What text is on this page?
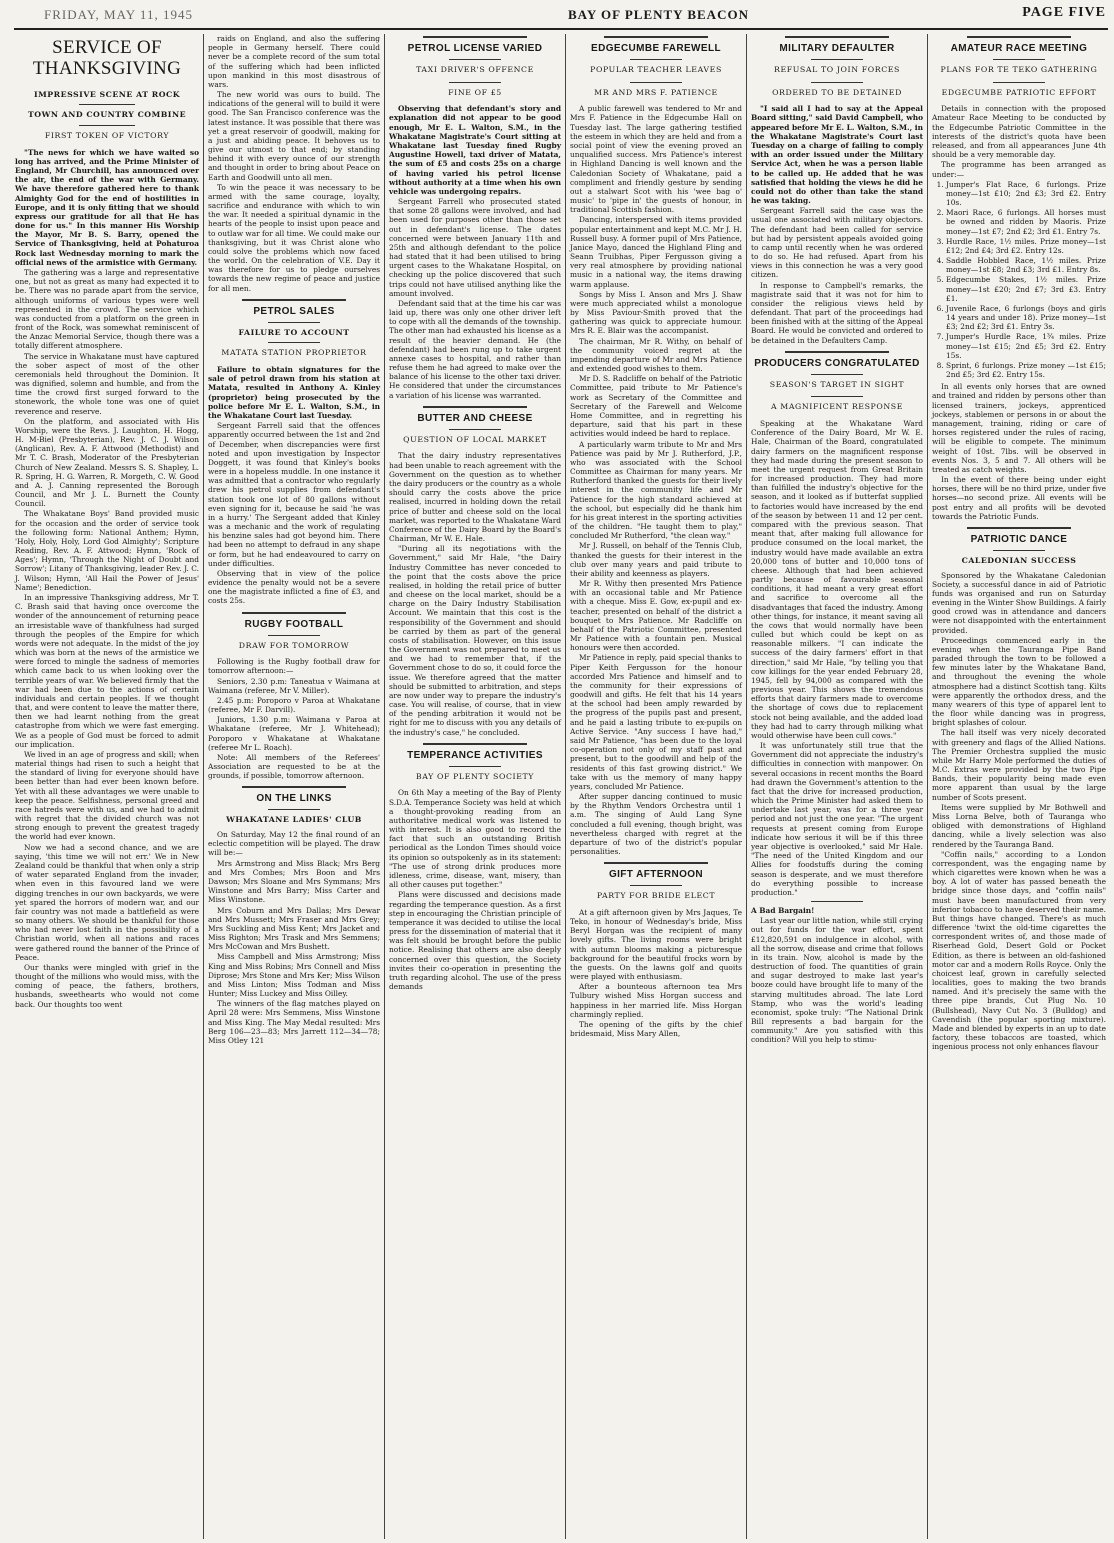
FRIDAY, MAY 11, 1945	BAY OF PLENTY BEACON	PAGE FIVE
SERVICE OF THANKSGIVING
IMPRESSIVE SCENE AT ROCK
TOWN AND COUNTRY COMBINE
FIRST TOKEN OF VICTORY

"The news for which we have waited so long has arrived, and the Prime Minister of England, Mr Churchill, has announced over the air, the end of the war with Germany. We have therefore gathered here to thank Almighty God for the end of hostilities in Europe, and it is only fitting that we should express our gratitude for all that He has done for us." In this manner His Worship the Mayor, Mr B. S. Barry, opened the Service of Thanksgiving, held at Pohaturoa Rock last Wednesday morning to mark the official news of the armistice with Germany.

The gathering was a large and representative one, but not as great as many had expected it to be. There was no parade apart from the service, although uniforms of various types were well represented in the crowd. The service which was conducted from a platform on the green in front of the Rock, was somewhat reminiscent of the Anzac Memorial Service, though there was a totally different atmosphere.

The service in Whakatane must have captured the sober aspect of most of the other ceremonials held throughout the Dominion. It was dignified, solemn and humble, and from the time the crowd first surged forward to the stonework, the whole tone was one of quiet reverence and reserve.

On the platform, and associated with His Worship, were the Revs. J. Laughton, H. Hogg, H. M-Biel (Presbyterian), Rev. J. C. J. Wilson (Anglican), Rev. A. F. Attwood (Methodist) and Mr T. C. Brash, Moderator of the Presbyterian Church of New Zealand. Messrs S. S. Shapley, L. R. Spring, H. G. Warren, R. Morgeth, C. W. Good and A. J. Canning represented the Borough Council, and Mr J. L. Burnett the County Council.

The Whakatane Boys' Band provided music for the occasion and the order of service took the following form: National Anthem; Hymn, 'Holy, Holy, Holy, Lord God Almighty'; Scripture Reading, Rev. A. F. Attwood; Hymn, 'Rock of Ages'; Hymn, 'Through the Night of Doubt and Sorrow'; Litany of Thanksgiving, leader Rev. J. C. J. Wilson; Hymn, 'All Hail the Power of Jesus' Name'; Benediction.

In an impressive Thanksgiving address, Mr T. C. Brash said that having once overcome the wonder of the announcement of returning peace an irresistable wave of thankfulness had surged through the peoples of the Empire for which words were not adequate. In the midst of the joy which was born at the news of the armistice we were forced to mingle the sadness of memories which came back to us when looking over the terrible years of war. We believed firmly that the war had been due to the actions of certain individuals and certain peoples. If we thought that, and were content to leave the matter there, then we had learnt nothing from the great catastrophe from which we were fast emerging. We as a people of God must be forced to admit our implication.

We lived in an age of progress and skill; when material things had risen to such a height that the standard of living for everyone should have been better than had ever been known before. Yet with all these advantages we were unable to keep the peace. Selfishness, personal greed and race hatreds were with us, and we had to admit with regret that the divided church was not strong enough to prevent the greatest tragedy the world had ever known.

Now we had a second chance, and we are saying, 'this time we will not err.' We in New Zealand could be thankful that when only a strip of water separated England from the invader, when even in this favoured land we were digging trenches in our own backyards, we were yet spared the horrors of modern war, and our fair country was not made a battlefield as were so many others. We should be thankful for those who had never lost faith in the possibility of a Christian world, when all nations and races were gathered round the banner of the Prince of Peace.

Our thanks were mingled with grief in the thought of the millions who would miss, with the coming of peace, the fathers, brothers, husbands, sweethearts who would not come back. Our thoughts too went

raids on England, and also the suffering people in Germany herself. There could never be a complete record of the sum total of the suffering which had been inflicted upon mankind in this most disastrous of wars.

The new world was ours to build. The indications of the general will to build it were good. The San Francisco conference was the latest instance. It was possible that there was yet a great reservoir of goodwill, making for a just and abiding peace. It behoves us to give our utmost to that end; by standing behind it with every ounce of our strength and thought in order to bring about Peace on Earth and Goodwill unto all men.

To win the peace it was necessary to be armed with the same courage, loyalty, sacrifice and endurance with which to win the war. It needed a spiritual dynamic in the hearts of the people to insist upon peace and to outlaw war for all time. We could make our thanksgiving, but it was Christ alone who could solve the problems which now faced the world. On the celebration of V.E. Day it was therefore for us to pledge ourselves towards the new regime of peace and justice for all men.

PETROL SALES
FAILURE TO ACCOUNT
MATATA STATION PROPRIETOR

Failure to obtain signatures for the sale of petrol drawn from his station at Matata, resulted in Anthony A. Kinley (proprietor) being prosecuted by the police before Mr E. L. Walton, S.M., in the Whakatane Court last Tuesday.

Sergeant Farrell said that the offences apparently occurred between the 1st and 2nd of December, when discrepancies were first noted and upon investigation by Inspector Doggett, it was found that Kinley's books were in a hopeless muddle. In one instance it was admitted that a contractor who regularly drew his petrol supplies from defendant's station took one lot of 80 gallons without even signing for it, because he said 'he was in a hurry.' The Sergeant added that Kinley was a mechanic and the work of regulating his benzine sales had got beyond him. There had been no attempt to defraud in any shape or form, but he had endeavoured to carry on under difficulties.

Observing that in view of the police evidence the penalty would not be a severe one the magistrate inflicted a fine of £3, and costs 25s.

RUGBY FOOTBALL
DRAW FOR TOMORROW

Following is the Rugby football draw for tomorrow afternoon:—

Seniors, 2.30 p.m: Taneatua v Waimana at Waimana (referee, Mr V. Miller).

2.45 p.m: Poroporo v Paroa at Whakatane (referee, Mr F. Darvill).

Juniors, 1.30 p.m: Waimana v Paroa at Whakatane (referee, Mr J. Whitehead); Poroporo v Whakatane at Whakatane (referee Mr L. Roach).

Note: All members of the Referees' Association are requested to be at the grounds, if possible, tomorrow afternoon.

ON THE LINKS
WHAKATANE LADIES' CLUB

On Saturday, May 12 the final round of an eclectic competition will be played. The draw will be:—

Mrs Armstrong and Miss Black; Mrs Berg and Mrs Combes; Mrs Boon and Mrs Dawson; Mrs Sloane and Mrs Symmans; Mrs Winstone and Mrs Barry; Miss Carter and Miss Winstone.

Mrs Coburn and Mrs Dallas; Mrs Dewar and Mrs Mussett; Mrs Fraser and Mrs Grey; Mrs Suckling and Miss Kent; Mrs Jacket and Miss Righton; Mrs Trask and Mrs Semmens; Mrs McCowan and Mrs Bushett.

Miss Campbell and Miss Armstrong; Miss King and Miss Robins; Mrs Connell and Miss Diprose; Mrs Stone and Mrs Ker; Miss Wilson and Miss Linton; Miss Todman and Miss Hunter; Miss Luckey and Miss Oilley.

The winners of the flag matches played on April 28 were: Mrs Semmens, Miss Winstone and Miss King. The May Medal resulted: Mrs Berg 106—23—83; Mrs Jarrett 112—34—78; Miss Otley 121

PETROL LICENSE VARIED
TAXI DRIVER'S OFFENCE
FINE OF £5

Observing that defendant's story and explanation did not appear to be good enough, Mr E. L. Walton, S.M., in the Whakatane Magistrate's Court sitting at Whakatane last Tuesday fined Rugby Augustine Howell, taxi driver of Matata, the sum of £5 and costs 25s on a charge of having varied his petrol license without authority at a time when his own vehicle was undergoing repairs.

Sergeant Farrell who prosecuted stated that some 28 gallons were involved, and had been used for purposes other than those set out in defendant's license. The dates concerned were between January 11th and 25th and although defendant to the police had stated that it had been utilised to bring urgent cases to the Whakatane Hospital, on checking up the police discovered that such trips could not have utilised anything like the amount involved.

Defendant said that at the time his car was laid up, there was only one other driver left to cope with all the demands of the township. The other man had exhausted his license as a result of the heavier demand. He (the defendant) had been rung up to take urgent annexe cases to hospital, and rather than refuse them he had agreed to make over the balance of his license to the other taxi driver. He considered that under the circumstances a variation of his license was warranted.

BUTTER AND CHEESE
QUESTION OF LOCAL MARKET

That the dairy industry representatives had been unable to reach agreement with the Government on the question as to whether the dairy producers or the country as a whole should carry the costs above the price realised, incurred in holding down the retail price of butter and cheese sold on the local market, was reported to the Whakatane Ward Conference of the Dairy Board by the Board's Chairman, Mr W. E. Hale.

"During all its negotiations with the Government," said Mr Hale, "the Dairy Industry Committee has never conceded to the point that the costs above the price realised, in holding the retail price of butter and cheese on the local market, should be a charge on the Dairy Industry Stabilisation Account. We maintain that this cost is the responsibility of the Government and should be carried by them as part of the general costs of stabilisation. However, on this issue the Government was not prepared to meet us and we had to remember that, if the Government chose to do so, it could force the issue. We therefore agreed that the matter should be submitted to arbitration, and steps are now under way to prepare the industry's case. You will realise, of course, that in view of the pending arbitration it would not be right for me to discuss with you any details of the industry's case," he concluded.

TEMPERANCE ACTIVITIES
BAY OF PLENTY SOCIETY

On 6th May a meeting of the Bay of Plenty S.D.A. Temperance Society was held at which a thought-provoking reading from an authoritative medical work was listened to with interest. It is also good to record the fact that such an outstanding British periodical as the London Times should voice its opinion so outspokenly as in its statement: "The use of strong drink produces more idleness, crime, disease, want, misery, than all other causes put together."

Plans were discussed and decisions made regarding the temperance question. As a first step in encouraging the Christian principle of temperance it was decided to utilise the local press for the dissemination of material that it was felt should be brought before the public notice. Realising that others are also deeply concerned over this question, the Society invites their co-operation in presenting the truth regarding alcohol. The use of the press demands

EDGECUMBE FAREWELL
POPULAR TEACHER LEAVES
MR AND MRS F. PATIENCE

A public farewell was tendered to Mr and Mrs F. Patience in the Edgecumbe Hall on Tuesday last. The large gathering testified the esteem in which they are held and from a social point of view the evening proved an unqualified success. Mrs Patience's interest in Highland Dancing is well known and the Caledonian Society of Whakatane, paid a compliment and friendly gesture by sending out a stalwart Scot with his 'wee bag o' music' to 'pipe in' the guests of honour, in traditional Scottish fashion.

Dancing, interspersed with items provided popular entertainment and kept M.C. Mr J. H. Russell busy. A former pupil of Mrs Patience, Janice Mayo, danced the Highland Fling and Seann Truibhas, Piper Fergusson giving a very real atmosphere by providing national music in a national way, the items drawing warm applause.

Songs by Miss I. Anson and Mrs J. Shaw were much appreciated whilst a monologue by Miss Paviour-Smith proved that the gathering was quick to appreciate humour. Mrs R. E. Blair was the accompanist.

The chairman, Mr R. Withy, on behalf of the community voiced regret at the impending departure of Mr and Mrs Patience and extended good wishes to them.

Mr D. S. Radcliffe on behalf of the Patriotic Committee, paid tribute to Mr Patience's work as Secretary of the Committee and Secretary of the Farewell and Welcome Home Committee, and in regretting his departure, said that his part in these activities would indeed be hard to replace.

A particularly warm tribute to Mr and Mrs Patience was paid by Mr J. Rutherford, J.P., who was associated with the School Committee as Chairman for many years. Mr Rutherford thanked the guests for their lively interest in the community life and Mr Patience for the high standard achieved at the school, but especially did he thank him for his great interest in the sporting activities of the children. "He taught them to play," concluded Mr Rutherford, "the clean way."

Mr J. Russell, on behalf of the Tennis Club, thanked the guests for their interest in the club over many years and paid tribute to their ability and keenness as players.

Mr R. Withy then presented Mrs Patience with an occasional table and Mr Patience with a cheque. Miss E. Gow, ex-pupil and ex-teacher, presented on behalf of the district a bouquet to Mrs Patience. Mr Radcliffe on behalf of the Patriotic Committee, presented Mr Patience with a fountain pen. Musical honours were then accorded.

Mr Patience in reply, paid special thanks to Piper Keith Fergusson for the honour accorded Mrs Patience and himself and to the community for their expressions of goodwill and gifts. He felt that his 14 years at the school had been amply rewarded by the progress of the pupils past and present, and he paid a lasting tribute to ex-pupils on Active Service. "Any success I have had," said Mr Patience, "has been due to the loyal co-operation not only of my staff past and present, but to the goodwill and help of the residents of this fast growing district." We take with us the memory of many happy years, concluded Mr Patience.

After supper dancing continued to music by the Rhythm Vendors Orchestra until 1 a.m. The singing of Auld Lang Syne concluded a full evening, though bright, was nevertheless charged with regret at the departure of two of the district's popular personalities.

GIFT AFTERNOON
PARTY FOR BRIDE ELECT

At a gift afternoon given by Mrs Jaques, Te Teko, in honour of Wednesday's bride, Miss Beryl Horgan was the recipient of many lovely gifts. The living rooms were bright with autumn blooms making a picturesque background for the beautiful frocks worn by the guests. On the lawns golf and quoits were played with enthusiasm.

After a bounteous afternoon tea Mrs Tulbury wished Miss Horgan success and happiness in her married life. Miss Horgan charmingly replied.

The opening of the gifts by the chief bridesmaid, Miss Mary Allen,

MILITARY DEFAULTER
REFUSAL TO JOIN FORCES
ORDERED TO BE DETAINED

"I said all I had to say at the Appeal Board sitting," said David Campbell, who appeared before Mr E. L. Walton, S.M., in the Whakatane Magistrate's Court last Tuesday on a charge of failing to comply with an order issued under the Military Service Act, when he was a person liable to be called up. He added that he was satisfied that holding the views he did he could not do other than take the stand he was taking.

Sergeant Farrell said the case was the usual one associated with military objectors. The defendant had been called for service but had by persistent appeals avoided going to camp until recently when he was ordered to do so. He had refused. Apart from his views in this connection he was a very good citizen.

In response to Campbell's remarks, the magistrate said that it was not for him to consider the religious views held by defendant. That part of the proceedings had been finished with at the sitting of the Appeal Board. He would be convicted and ordered to be detained in the Defaulters Camp.

PRODUCERS CONGRATULATED
SEASON'S TARGET IN SIGHT
A MAGNIFICENT RESPONSE

Speaking at the Whakatane Ward Conference of the Dairy Board, Mr W. E. Hale, Chairman of the Board, congratulated dairy farmers on the magnificent response they had made during the present season to meet the urgent request from Great Britain for increased production. They had more than fulfilled the industry's objective for the season, and it looked as if butterfat supplied to factories would have increased by the end of the season by between 11 and 12 per cent. compared with the previous season. That meant that, after making full allowance for produce consumed on the local market, the industry would have made available an extra 20,000 tons of butter and 10,000 tons of cheese. Although that had been achieved partly because of favourable seasonal conditions, it had meant a very great effort and sacrifice to overcome all the disadvantages that faced the industry. Among other things, for instance, it meant saving all the cows that would normally have been culled but which could be kept on as reasonable milkers. "I can indicate the success of the dairy farmers' effort in that direction," said Mr Hale, "by telling you that cow killings for the year ended February 28, 1945, fell by 94,000 as compared with the previous year. This shows the tremendous efforts that dairy farmers made to overcome the shortage of cows due to replacement stock not being available, and the added load they had had to carry through milking what would otherwise have been cull cows."

It was unfortunately still true that the Government did not appreciate the industry's difficulties in connection with manpower. On several occasions in recent months the Board had drawn the Government's attention to the fact that the drive for increased production, which the Prime Minister had asked them to undertake last year, was for a three year period and not just the one year. "The urgent requests at present coming from Europe indicate how serious it will be if this three year objective is overlooked," said Mr Hale. "The need of the United Kingdom and our Allies for foodstuffs during the coming season is desperate, and we must therefore do everything possible to increase production."

A Bad Bargain!

Last year our little nation, while still crying out for funds for the war effort, spent £12,820,591 on indulgence in alcohol, with all the sorrow, disease and crime that follows in its train. Now, alcohol is made by the destruction of food. The quantities of grain and sugar destroyed to make last year's booze could have brought life to many of the starving multitudes abroad. The late Lord Stamp, who was the world's leading economist, spoke truly: "The National Drink Bill represents a bad bargain for the community." Are you satisfied with this condition? Will you help to stimu-

AMATEUR RACE MEETING
PLANS FOR TE TEKO GATHERING
EDGECUMBE PATRIOTIC EFFORT

Details in connection with the proposed Amateur Race Meeting to be conducted by the Edgecumbe Patriotic Committee in the interests of the district's quota have been released, and from all appearances June 4th should be a very memorable day.

The programme has been arranged as under:—

1. Jumper's Flat Race, 6 furlongs. Prize money—1st £10; 2nd £3; 3rd £2. Entry 10s.
2. Maori Race, 6 furlongs. All horses must be owned and ridden by Maoris. Prize money—1st £7; 2nd £2; 3rd £1. Entry 7s.
3. Hurdle Race, 1½ miles. Prize money—1st £12; 2nd £4; 3rd £2. Entry 12s.
4. Saddle Hobbled Race, 1½ miles. Prize money—1st £8; 2nd £3; 3rd £1. Entry 8s.
5. Edgecumbe Stakes, 1½ miles. Prize money—1st £20; 2nd £7; 3rd £3. Entry £1.
6. Juvenile Race, 6 furlongs (boys and girls 14 years and under 18). Prize money—1st £3; 2nd £2; 3rd £1. Entry 3s.
7. Jumper's Hurdle Race, 1¾ miles. Prize money—1st £15; 2nd £5; 3rd £2. Entry 15s.
8. Sprint, 6 furlongs. Prize money —1st £15; 2nd £5; 3rd £2. Entry 15s.

In all events only horses that are owned and trained and ridden by persons other than licensed trainers, jockeys, apprenticed jockeys, stablemen or persons in or about the management, training, riding or care of horses registered under the rules of racing, will be eligible to compete. The minimum weight of 10st. 7lbs. will be observed in events Nos. 3, 5 and 7. All others will be treated as catch weights.

In the event of there being under eight horses, there will be no third prize, under five horses—no second prize. All events will be post entry and all profits will be devoted towards the Patriotic Funds.

PATRIOTIC DANCE
CALEDONIAN SUCCESS

Sponsored by the Whakatane Caledonian Society, a successful dance in aid of Patriotic funds was organised and run on Saturday evening in the Winter Show Buildings. A fairly good crowd was in attendance and dancers were not disappointed with the entertainment provided.

Proceedings commenced early in the evening when the Tauranga Pipe Band paraded through the town to be followed a few minutes later by the Whakatane Band, and throughout the evening the whole atmosphere had a distinct Scottish tang. Kilts were apparently the orthodox dress, and the many wearers of this type of apparel lent to the floor while dancing was in progress, bright splashes of colour.

The hall itself was very nicely decorated with greenery and flags of the Allied Nations. The Premier Orchestra supplied the music while Mr Harry Mole performed the duties of M.C. Extras were provided by the two Pipe Bands, their popularity being made even more apparent than usual by the large number of Scots present.

Items were supplied by Mr Bothwell and Miss Lorna Belve, both of Tauranga who obliged with demonstrations of Highland dancing, while a lively selection was also rendered by the Tauranga Band.

"Coffin nails," according to a London correspondent, was the engaging name by which cigarettes were known when he was a boy. A lot of water has passed beneath the bridge since those days, and "coffin nails" must have been manufactured from very inferior tobacco to have deserved their name. But things have changed. There's as much difference 'twixt the old-time cigarettes the correspondent writes of, and those made of Riserhead Gold, Desert Gold or Pocket Edition, as there is between an old-fashioned motor car and a modern Rolls Royce. Only the choicest leaf, grown in carefully selected localities, goes to making the two brands named. And it's precisely the same with the three pipe brands, Cut Plug No. 10 (Bullshead), Navy Cut No. 3 (Bulldog) and Cavendish (the popular sporting mixture). Made and blended by experts in an up to date factory, these tobaccos are toasted, which ingenious process not only enhances flavour
